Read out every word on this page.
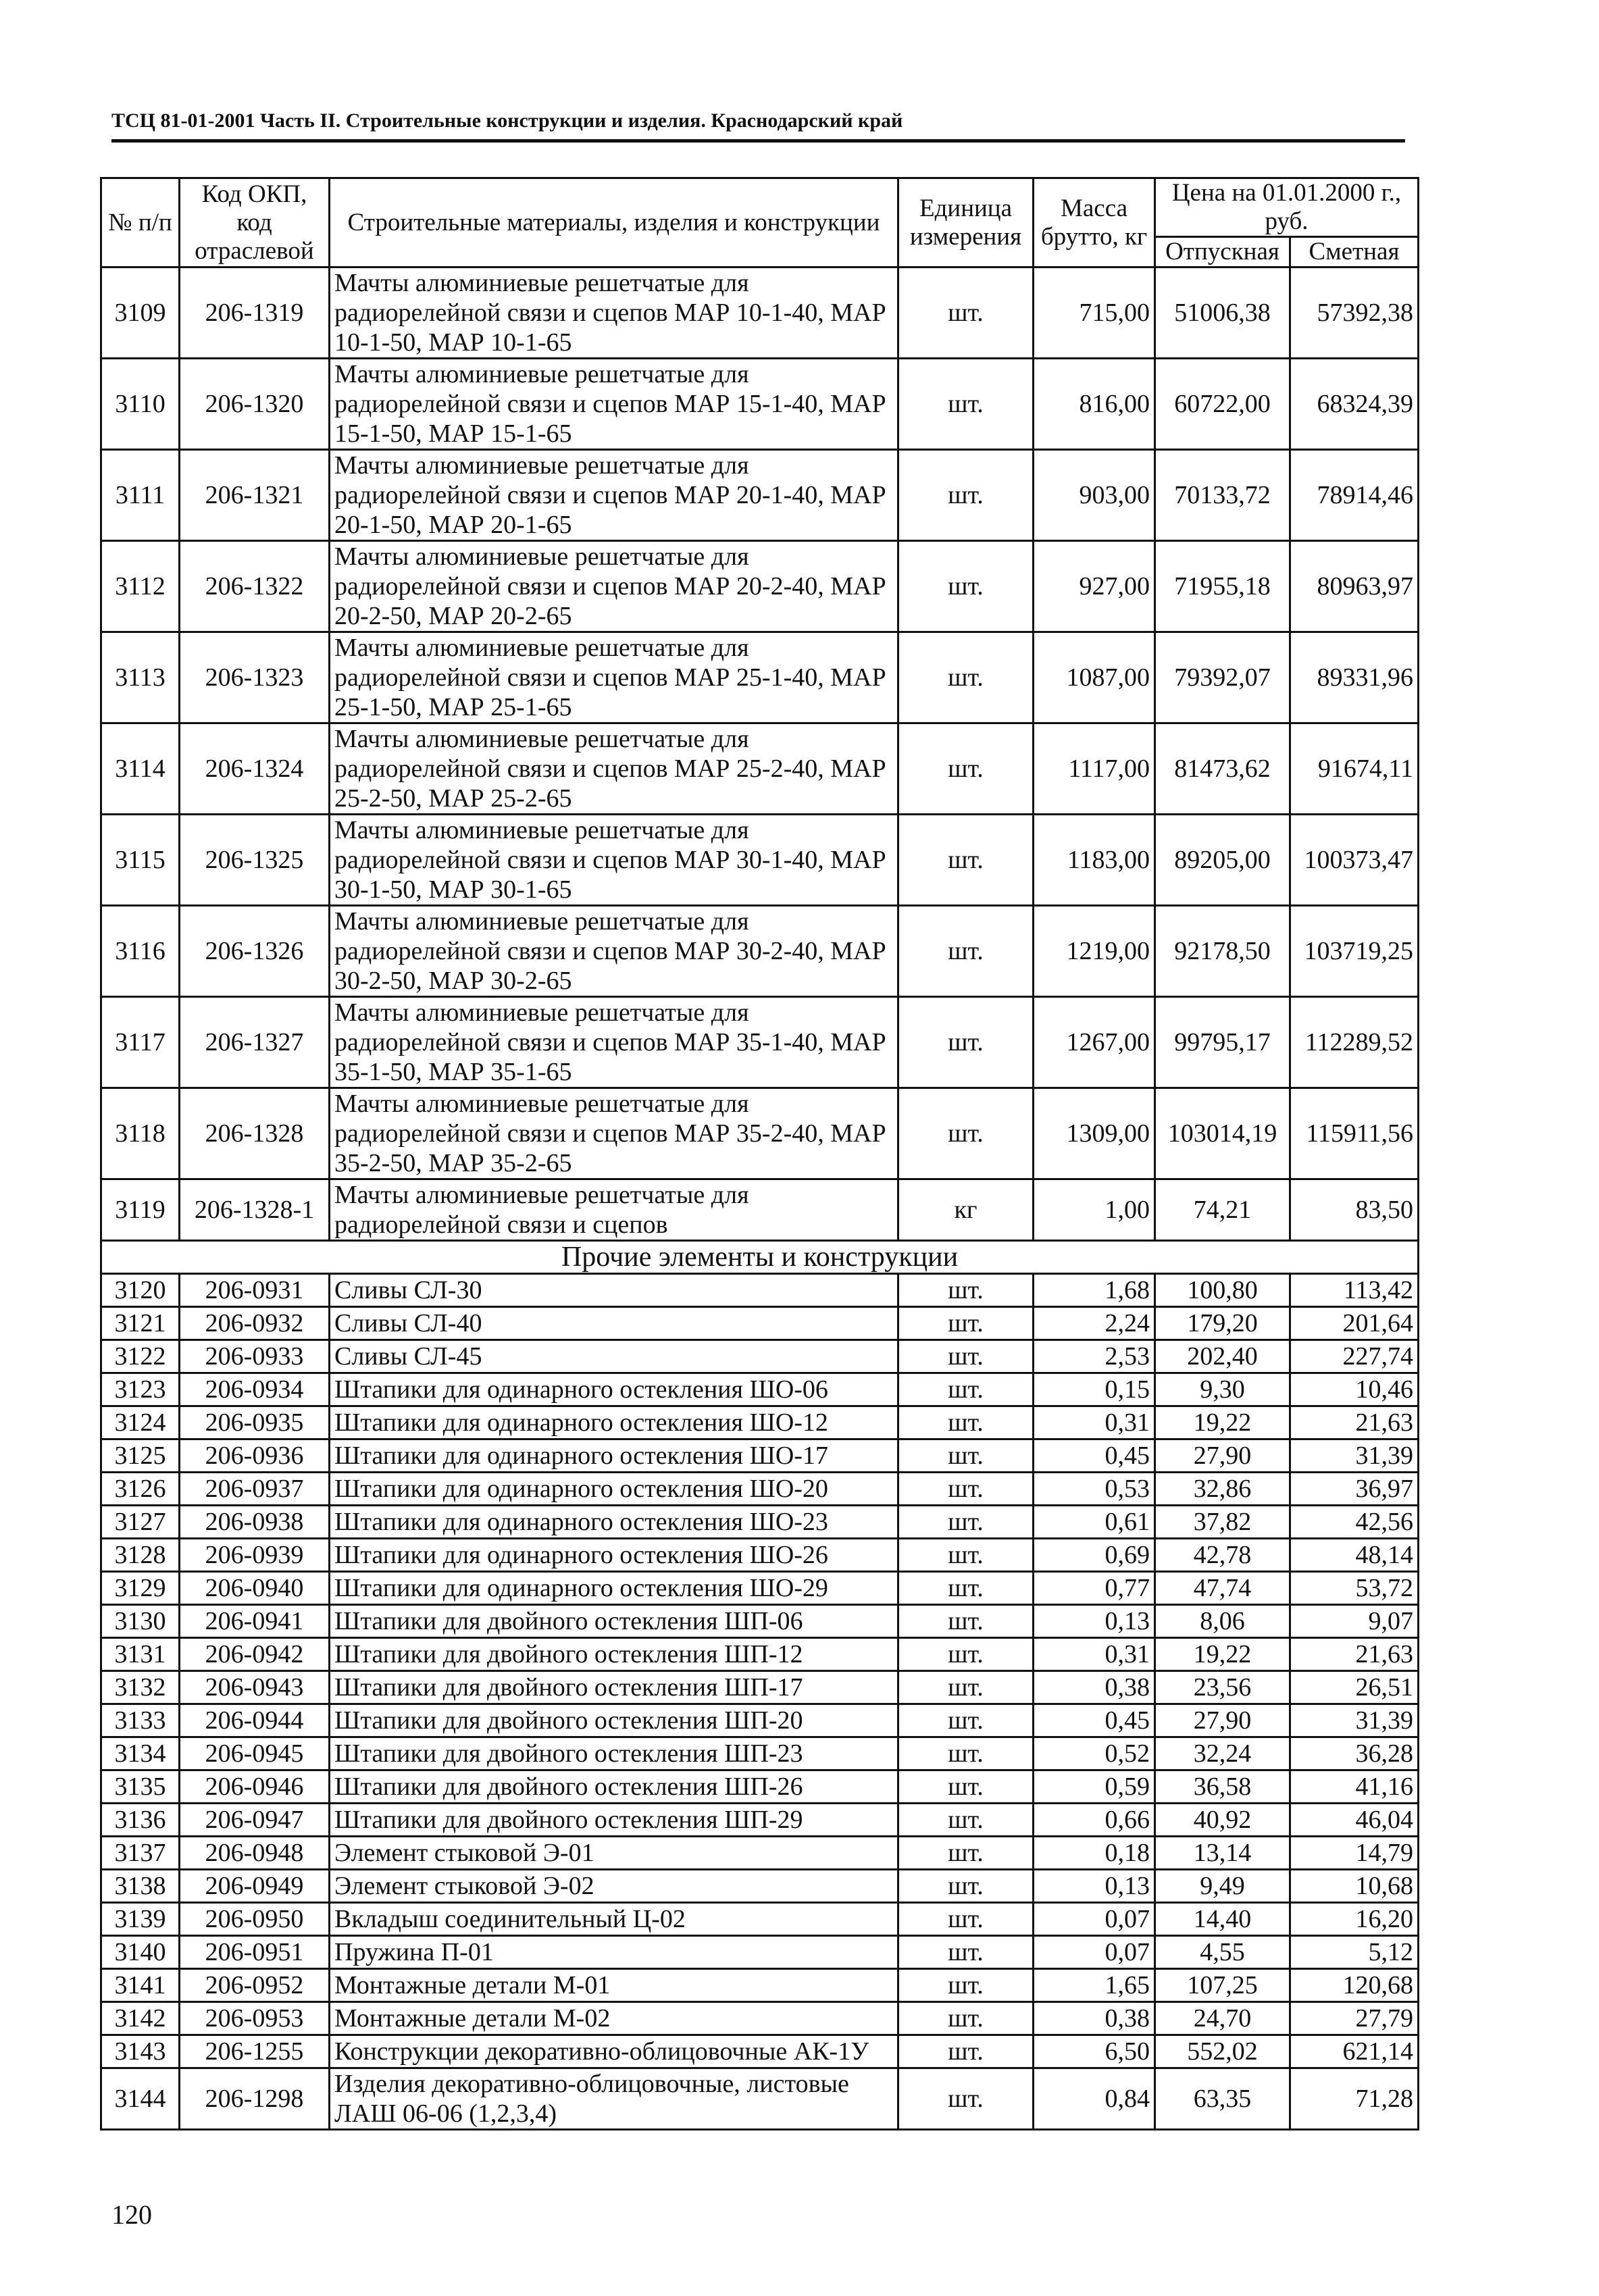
ТСЦ 81-01-2001 Часть II. Строительные конструкции и изделия. Краснодарский край
№ п/п	Код ОКП, код отраслевой	Строительные материалы, изделия и конструкции	Единица измерения	Масса брутто, кг	Цена на 01.01.2000 г., руб.	
					Отпускная	Сметная
3109	206-1319	Мачты алюминиевые решетчатые для радиорелейной связи и сцепов МАР 10-1-40, МАР 10-1-50, МАР 10-1-65	шт.	715,00	51006,38	57392,38
3110	206-1320	Мачты алюминиевые решетчатые для радиорелейной связи и сцепов МАР 15-1-40, МАР 15-1-50, МАР 15-1-65	шт.	816,00	60722,00	68324,39
3111	206-1321	Мачты алюминиевые решетчатые для радиорелейной связи и сцепов МАР 20-1-40, МАР 20-1-50, МАР 20-1-65	шт.	903,00	70133,72	78914,46
3112	206-1322	Мачты алюминиевые решетчатые для радиорелейной связи и сцепов МАР 20-2-40, МАР 20-2-50, МАР 20-2-65	шт.	927,00	71955,18	80963,97
3113	206-1323	Мачты алюминиевые решетчатые для радиорелейной связи и сцепов МАР 25-1-40, МАР 25-1-50, МАР 25-1-65	шт.	1087,00	79392,07	89331,96
3114	206-1324	Мачты алюминиевые решетчатые для радиорелейной связи и сцепов МАР 25-2-40, МАР 25-2-50, МАР 25-2-65	шт.	1117,00	81473,62	91674,11
3115	206-1325	Мачты алюминиевые решетчатые для радиорелейной связи и сцепов МАР 30-1-40, МАР 30-1-50, МАР 30-1-65	шт.	1183,00	89205,00	100373,47
3116	206-1326	Мачты алюминиевые решетчатые для радиорелейной связи и сцепов МАР 30-2-40, МАР 30-2-50, МАР 30-2-65	шт.	1219,00	92178,50	103719,25
3117	206-1327	Мачты алюминиевые решетчатые для радиорелейной связи и сцепов МАР 35-1-40, МАР 35-1-50, МАР 35-1-65	шт.	1267,00	99795,17	112289,52
3118	206-1328	Мачты алюминиевые решетчатые для радиорелейной связи и сцепов МАР 35-2-40, МАР 35-2-50, МАР 35-2-65	шт.	1309,00	103014,19	115911,56
3119	206-1328-1	Мачты алюминиевые решетчатые для радиорелейной связи и сцепов	кг	1,00	74,21	83,50
Прочие элементы и конструкции						
3120	206-0931	Сливы СЛ-30	шт.	1,68	100,80	113,42
3121	206-0932	Сливы СЛ-40	шт.	2,24	179,20	201,64
3122	206-0933	Сливы СЛ-45	шт.	2,53	202,40	227,74
3123	206-0934	Штапики для одинарного остекления ШО-06	шт.	0,15	9,30	10,46
3124	206-0935	Штапики для одинарного остекления ШО-12	шт.	0,31	19,22	21,63
3125	206-0936	Штапики для одинарного остекления ШО-17	шт.	0,45	27,90	31,39
3126	206-0937	Штапики для одинарного остекления ШО-20	шт.	0,53	32,86	36,97
3127	206-0938	Штапики для одинарного остекления ШО-23	шт.	0,61	37,82	42,56
3128	206-0939	Штапики для одинарного остекления ШО-26	шт.	0,69	42,78	48,14
3129	206-0940	Штапики для одинарного остекления ШО-29	шт.	0,77	47,74	53,72
3130	206-0941	Штапики для двойного остекления ШП-06	шт.	0,13	8,06	9,07
3131	206-0942	Штапики для двойного остекления ШП-12	шт.	0,31	19,22	21,63
3132	206-0943	Штапики для двойного остекления ШП-17	шт.	0,38	23,56	26,51
3133	206-0944	Штапики для двойного остекления ШП-20	шт.	0,45	27,90	31,39
3134	206-0945	Штапики для двойного остекления ШП-23	шт.	0,52	32,24	36,28
3135	206-0946	Штапики для двойного остекления ШП-26	шт.	0,59	36,58	41,16
3136	206-0947	Штапики для двойного остекления ШП-29	шт.	0,66	40,92	46,04
3137	206-0948	Элемент стыковой Э-01	шт.	0,18	13,14	14,79
3138	206-0949	Элемент стыковой Э-02	шт.	0,13	9,49	10,68
3139	206-0950	Вкладыш соединительный Ц-02	шт.	0,07	14,40	16,20
3140	206-0951	Пружина П-01	шт.	0,07	4,55	5,12
3141	206-0952	Монтажные детали М-01	шт.	1,65	107,25	120,68
3142	206-0953	Монтажные детали М-02	шт.	0,38	24,70	27,79
3143	206-1255	Конструкции декоративно-облицовочные АК-1У	шт.	6,50	552,02	621,14
3144	206-1298	Изделия декоративно-облицовочные, листовые ЛАШ 06-06 (1,2,3,4)	шт.	0,84	63,35	71,28
120
